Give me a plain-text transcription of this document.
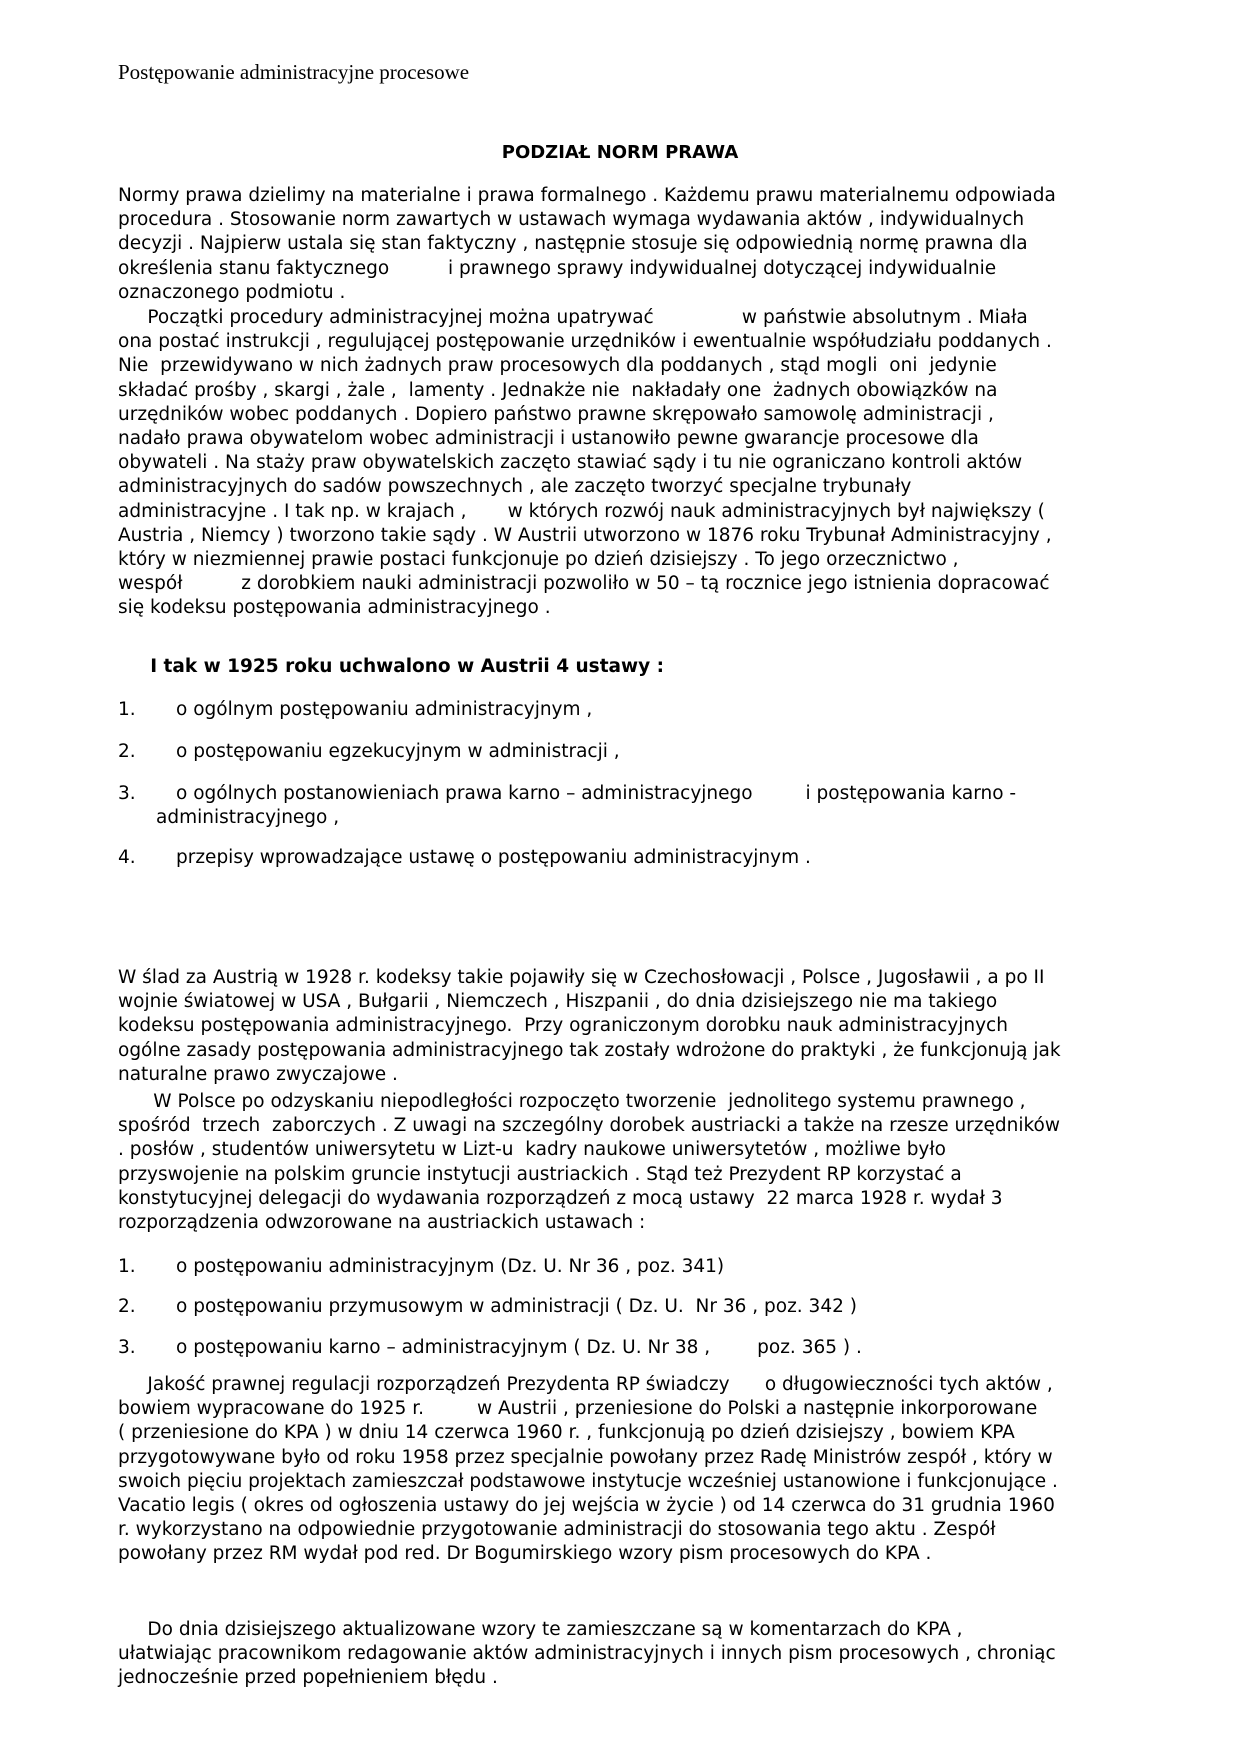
Postępowanie administracyjne procesowe
PODZIAŁ NORM PRAWA
Normy prawa dzielimy na materialne i prawa formalnego . Każdemu prawu materialnemu odpowiada
procedura . Stosowanie norm zawartych w ustawach wymaga wydawania aktów , indywidualnych
decyzji . Najpierw ustala się stan faktyczny , następnie stosuje się odpowiednią normę prawna dla
określenia stanu faktycznego          i prawnego sprawy indywidualnej dotyczącej indywidualnie
oznaczonego podmiotu .
Początki procedury administracyjnej można upatrywać               w państwie absolutnym . Miała
ona postać instrukcji , regulującej postępowanie urzędników i ewentualnie współudziału poddanych .
Nie  przewidywano w nich żadnych praw procesowych dla poddanych , stąd mogli  oni  jedynie
składać prośby , skargi , żale ,  lamenty . Jednakże nie  nakładały one  żadnych obowiązków na
urzędników wobec poddanych . Dopiero państwo prawne skrępowało samowolę administracji ,
nadało prawa obywatelom wobec administracji i ustanowiło pewne gwarancje procesowe dla
obywateli . Na staży praw obywatelskich zaczęto stawiać sądy i tu nie ograniczano kontroli aktów
administracyjnych do sadów powszechnych , ale zaczęto tworzyć specjalne trybunały
administracyjne . I tak np. w krajach ,       w których rozwój nauk administracyjnych był największy (
Austria , Niemcy ) tworzono takie sądy . W Austrii utworzono w 1876 roku Trybunał Administracyjny ,
który w niezmiennej prawie postaci funkcjonuje po dzień dzisiejszy . To jego orzecznictwo ,
wespół          z dorobkiem nauki administracji pozwoliło w 50 – tą rocznice jego istnienia dopracować
się kodeksu postępowania administracyjnego .
I tak w 1925 roku uchwalono w Austrii 4 ustawy :
1.	o ogólnym postępowaniu administracyjnym ,
2.	o postępowaniu egzekucyjnym w administracji ,
3.	o ogólnych postanowieniach prawa karno – administracyjnego         i postępowania karno -
administracyjnego ,
4.	przepisy wprowadzające ustawę o postępowaniu administracyjnym .
W ślad za Austrią w 1928 r. kodeksy takie pojawiły się w Czechosłowacji , Polsce , Jugosławii , a po II
wojnie światowej w USA , Bułgarii , Niemczech , Hiszpanii , do dnia dzisiejszego nie ma takiego
kodeksu postępowania administracyjnego.  Przy ograniczonym dorobku nauk administracyjnych
ogólne zasady postępowania administracyjnego tak zostały wdrożone do praktyki , że funkcjonują jak
naturalne prawo zwyczajowe .
W Polsce po odzyskaniu niepodległości rozpoczęto tworzenie  jednolitego systemu prawnego ,
spośród  trzech  zaborczych . Z uwagi na szczególny dorobek austriacki a także na rzesze urzędników
. posłów , studentów uniwersytetu w Lizt-u  kadry naukowe uniwersytetów , możliwe było
przyswojenie na polskim gruncie instytucji austriackich . Stąd też Prezydent RP korzystać a
konstytucyjnej delegacji do wydawania rozporządzeń z mocą ustawy  22 marca 1928 r. wydał 3
rozporządzenia odwzorowane na austriackich ustawach :
1.	o postępowaniu administracyjnym (Dz. U. Nr 36 , poz. 341)
2.	o postępowaniu przymusowym w administracji ( Dz. U.  Nr 36 , poz. 342 )
3.	o postępowaniu karno – administracyjnym ( Dz. U. Nr 38 ,        poz. 365 ) .
Jakość prawnej regulacji rozporządzeń Prezydenta RP świadczy      o długowieczności tych aktów ,
bowiem wypracowane do 1925 r.         w Austrii , przeniesione do Polski a następnie inkorporowane
( przeniesione do KPA ) w dniu 14 czerwca 1960 r. , funkcjonują po dzień dzisiejszy , bowiem KPA
przygotowywane było od roku 1958 przez specjalnie powołany przez Radę Ministrów zespół , który w
swoich pięciu projektach zamieszczał podstawowe instytucje wcześniej ustanowione i funkcjonujące .
Vacatio legis ( okres od ogłoszenia ustawy do jej wejścia w życie ) od 14 czerwca do 31 grudnia 1960
r. wykorzystano na odpowiednie przygotowanie administracji do stosowania tego aktu . Zespół
powołany przez RM wydał pod red. Dr Bogumirskiego wzory pism procesowych do KPA .
Do dnia dzisiejszego aktualizowane wzory te zamieszczane są w komentarzach do KPA ,
ułatwiając pracownikom redagowanie aktów administracyjnych i innych pism procesowych , chroniąc
jednocześnie przed popełnieniem błędu .
